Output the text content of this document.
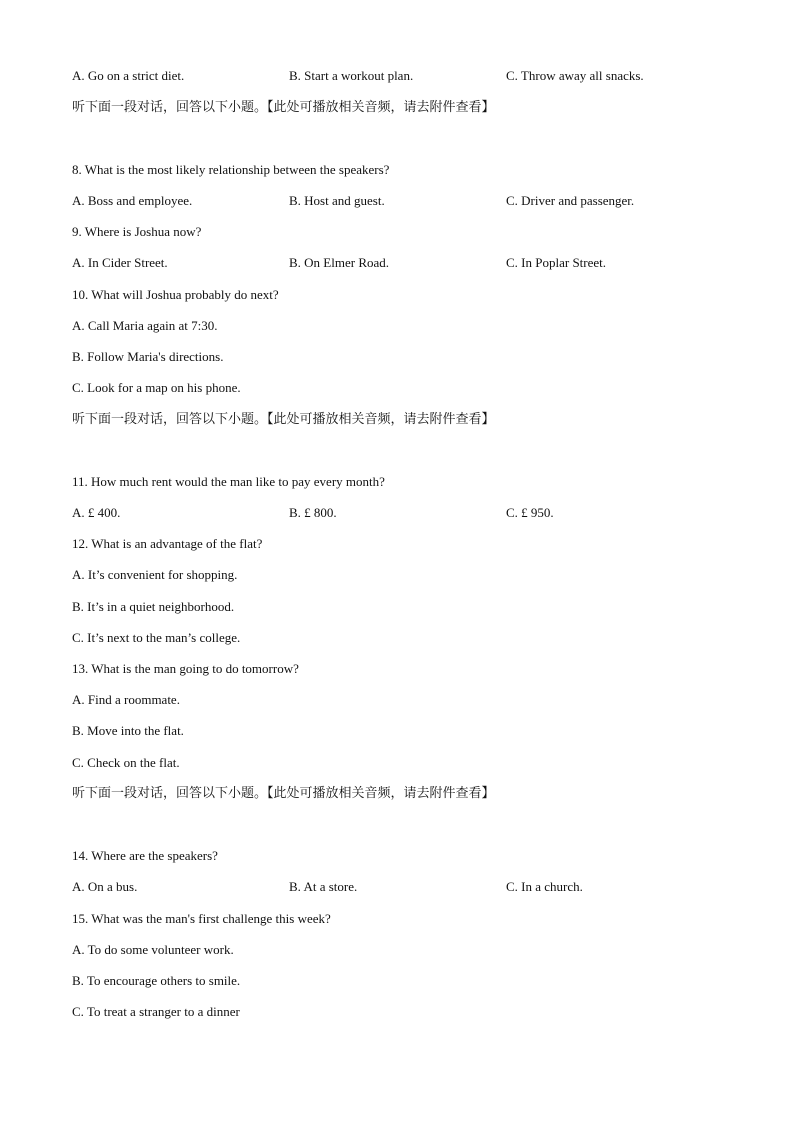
A. Go on a strict diet.	B. Start a workout plan.	C. Throw away all snacks.
听下面一段对话，回答以下小题。【此处可播放相关音频，请去附件查看】
8. What is the most likely relationship between the speakers?
A. Boss and employee.	B. Host and guest.	C. Driver and passenger.
9. Where is Joshua now?
A. In Cider Street.	B. On Elmer Road.	C. In Poplar Street.
10. What will Joshua probably do next?
A. Call Maria again at 7:30.
B. Follow Maria's directions.
C. Look for a map on his phone.
听下面一段对话，回答以下小题。【此处可播放相关音频，请去附件查看】
11. How much rent would the man like to pay every month?
A. £ 400.	B. £ 800.	C. £ 950.
12. What is an advantage of the flat?
A. It’s convenient for shopping.
B. It’s in a quiet neighborhood.
C. It’s next to the man’s college.
13. What is the man going to do tomorrow?
A. Find a roommate.
B. Move into the flat.
C. Check on the flat.
听下面一段对话，回答以下小题。【此处可播放相关音频，请去附件查看】
14. Where are the speakers?
A. On a bus.	B. At a store.	C. In a church.
15. What was the man's first challenge this week?
A. To do some volunteer work.
B. To encourage others to smile.
C. To treat a stranger to a dinner
